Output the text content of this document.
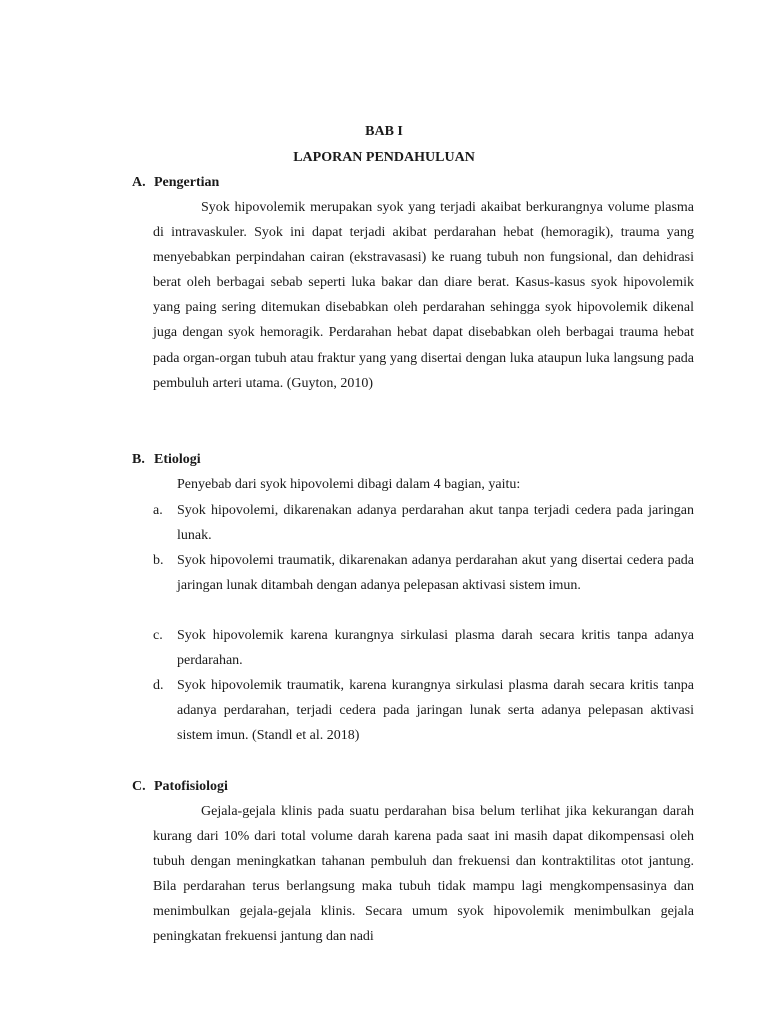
BAB I
LAPORAN PENDAHULUAN
A. Pengertian

Syok hipovolemik merupakan syok yang terjadi akaibat berkurangnya volume plasma di intravaskuler. Syok ini dapat terjadi akibat perdarahan hebat (hemoragik), trauma yang menyebabkan perpindahan cairan (ekstravasasi) ke ruang tubuh non fungsional, dan dehidrasi berat oleh berbagai sebab seperti luka bakar dan diare berat. Kasus-kasus syok hipovolemik yang paing sering ditemukan disebabkan oleh perdarahan sehingga syok hipovolemik dikenal juga dengan syok hemoragik. Perdarahan hebat dapat disebabkan oleh berbagai trauma hebat pada organ-organ tubuh atau fraktur yang yang disertai dengan luka ataupun luka langsung pada pembuluh arteri utama. (Guyton, 2010)

B. Etiologi
Penyebab dari syok hipovolemi dibagi dalam 4 bagian, yaitu:
a.	Syok hipovolemi, dikarenakan adanya perdarahan akut tanpa terjadi cedera pada jaringan lunak.

b. Syok hipovolemi traumatik, dikarenakan adanya perdarahan akut yang disertai cedera pada jaringan lunak ditambah dengan adanya pelepasan aktivasi sistem imun.

c.	Syok hipovolemik karena kurangnya sirkulasi plasma darah secara kritis tanpa adanya perdarahan.

d. Syok hipovolemik traumatik, karena kurangnya sirkulasi plasma darah secara kritis tanpa adanya perdarahan, terjadi cedera pada jaringan lunak serta adanya pelepasan aktivasi sistem imun. (Standl et al. 2018)

C. Patofisiologi

Gejala-gejala klinis pada suatu perdarahan bisa belum terlihat jika kekurangan darah kurang dari 10% dari total volume darah karena pada saat ini masih dapat dikompensasi oleh tubuh dengan meningkatkan tahanan pembuluh dan frekuensi dan kontraktilitas otot jantung. Bila perdarahan terus berlangsung maka tubuh tidak mampu lagi mengkompensasinya dan menimbulkan gejala-gejala klinis. Secara umum syok hipovolemik menimbulkan gejala peningkatan frekuensi jantung dan nadi
